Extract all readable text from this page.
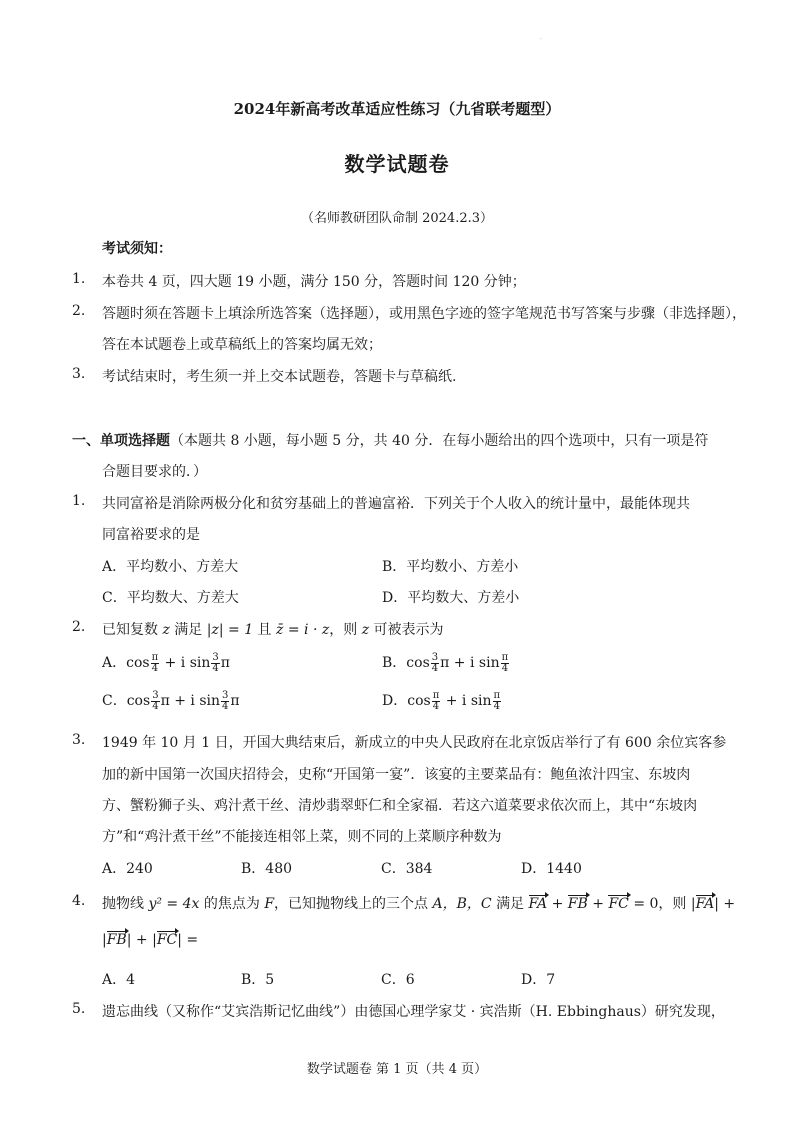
·
2024年新高考改革适应性练习（九省联考题型）
数学试题卷
（名师教研团队命制 2024.2.3）
考试须知：
1. 本卷共 4 页，四大题 19 小题，满分 150 分，答题时间 120 分钟；
2. 答题时须在答题卡上填涂所选答案（选择题），或用黑色字迹的签字笔规范书写答案与步骤（非选择题），
答在本试题卷上或草稿纸上的答案均属无效；
3. 考试结束时，考生须一并上交本试题卷，答题卡与草稿纸.
一、单项选择题（本题共 8 小题，每小题 5 分，共 40 分．在每小题给出的四个选项中，只有一项是符
合题目要求的．）
1. 共同富裕是消除两极分化和贫穷基础上的普遍富裕．下列关于个人收入的统计量中，最能体现共
同富裕要求的是
A．平均数小、方差大	B．平均数小、方差小
C．平均数大、方差大	D．平均数大、方差小
2. 已知复数 z 满足 |z| = 1 且 z̄ = i · z，则 z 可被表示为
A．$\cos \frac{\pi}{4} + i$ $\sin \frac{3}{4}$ π	B．$\cos \frac{3}{4}$ π + i $\sin \frac{\pi}{4}$
C．$\cos \frac{3}{4}$ π + i $\sin \frac{3}{4}$ π	D．$\cos \frac{\pi}{4} + i$ $\sin \frac{\pi}{4}$
3. 1949 年 10 月 1 日，开国大典结束后，新成立的中央人民政府在北京饭店举行了有 600 余位宾客参
加的新中国第一次国庆招待会，史称“开国第一宴”．该宴的主要菜品有：鲍鱼浓汁四宝、东坡肉
方、蟹粉狮子头、鸡汁煮干丝、清炒翡翠虾仁和全家福．若这六道菜要求依次而上，其中“东坡肉
方”和“鸡汁煮干丝”不能接连相邻上菜，则不同的上菜顺序种数为
A．240	B．480	C．384	D．1440
4. 抛物线 y² = 4x 的焦点为 F，已知抛物线上的三个点 A，B，C 满足 FA + FB + FC = 0，则 |FA| +
|FB| + |FC| =
A．4	B．5	C．6	D．7
5. 遗忘曲线（又称作“艾宾浩斯记忆曲线”）由德国心理学家艾 · 宾浩斯（H. Ebbinghaus）研究发现，
数学试题卷 第 1 页（共 4 页）
